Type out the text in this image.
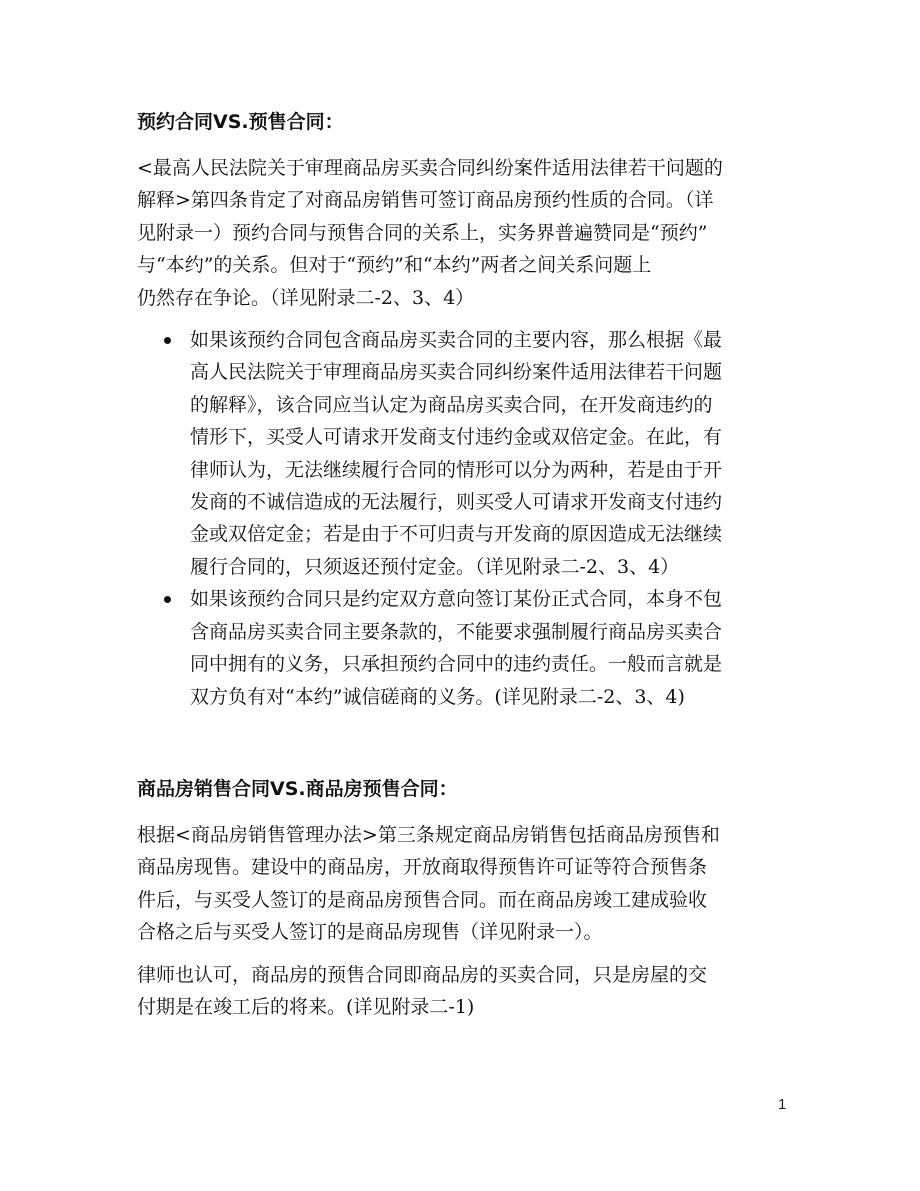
预约合同VS.预售合同：
<最高人民法院关于审理商品房买卖合同纠纷案件适用法律若干问题的
解释>第四条肯定了对商品房销售可签订商品房预约性质的合同。（详
见附录一）预约合同与预售合同的关系上，实务界普遍赞同是“预约”
与“本约”的关系。但对于“预约”和“本约”两者之间关系问题上
仍然存在争论。（详见附录二-2、3、4）
如果该预约合同包含商品房买卖合同的主要内容，那么根据《最
高人民法院关于审理商品房买卖合同纠纷案件适用法律若干问题
的解释》，该合同应当认定为商品房买卖合同，在开发商违约的
情形下，买受人可请求开发商支付违约金或双倍定金。在此，有
律师认为，无法继续履行合同的情形可以分为两种，若是由于开
发商的不诚信造成的无法履行，则买受人可请求开发商支付违约
金或双倍定金；若是由于不可归责与开发商的原因造成无法继续
履行合同的，只须返还预付定金。（详见附录二-2、3、4）
如果该预约合同只是约定双方意向签订某份正式合同，本身不包
含商品房买卖合同主要条款的，不能要求强制履行商品房买卖合
同中拥有的义务，只承担预约合同中的违约责任。一般而言就是
双方负有对“本约”诚信磋商的义务。(详见附录二-2、3、4)
商品房销售合同VS.商品房预售合同：
根据<商品房销售管理办法>第三条规定商品房销售包括商品房预售和
商品房现售。建设中的商品房，开放商取得预售许可证等符合预售条
件后，与买受人签订的是商品房预售合同。而在商品房竣工建成验收
合格之后与买受人签订的是商品房现售（详见附录一）。
律师也认可，商品房的预售合同即商品房的买卖合同，只是房屋的交
付期是在竣工后的将来。(详见附录二-1)
1
